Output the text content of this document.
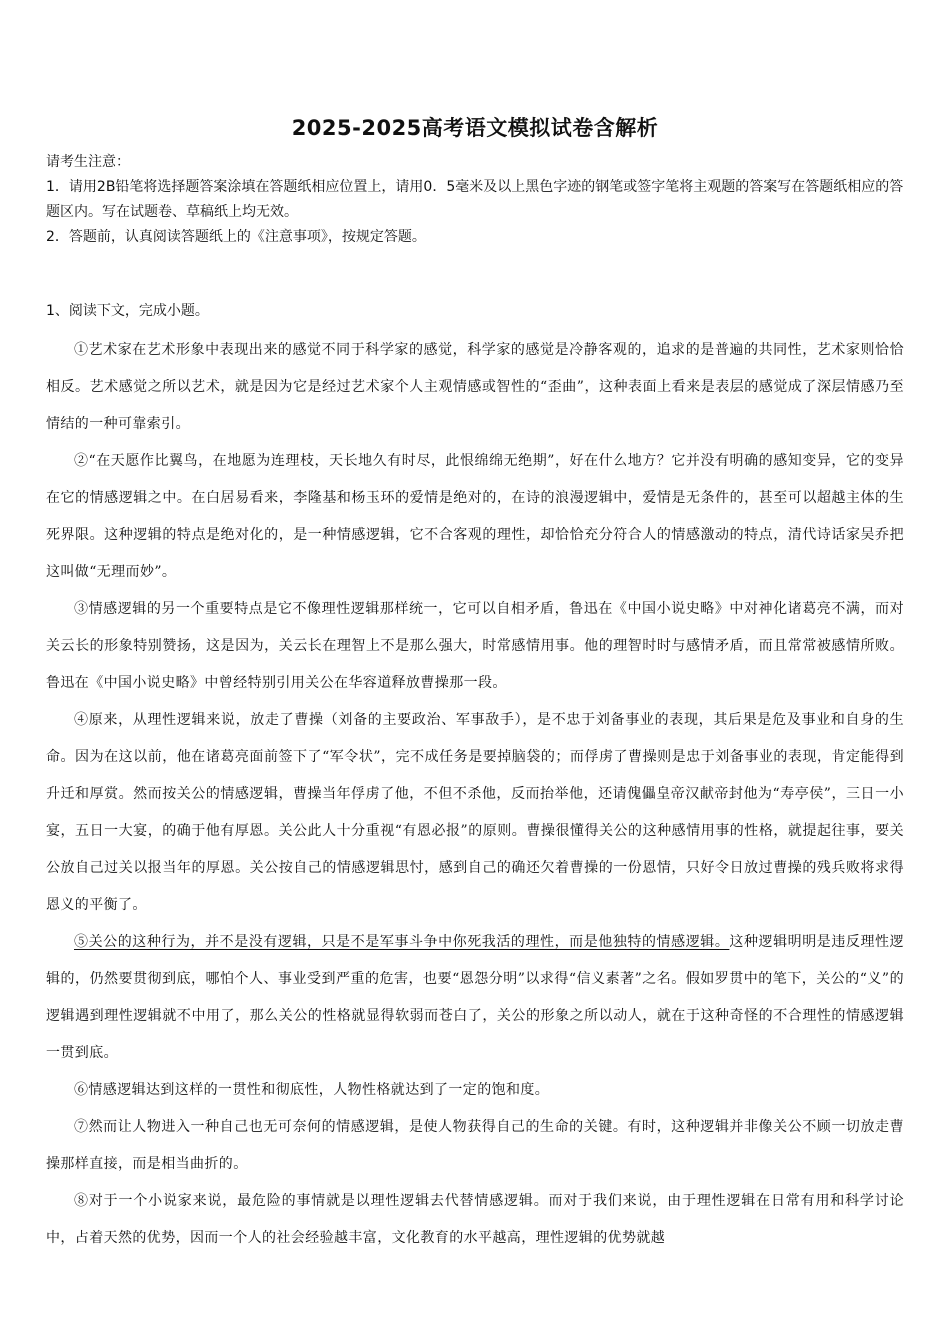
2025-2025高考语文模拟试卷含解析

请考生注意：

1．请用2B铅笔将选择题答案涂填在答题纸相应位置上，请用0．5毫米及以上黑色字迹的钢笔或签字笔将主观题的答案写在答题纸相应的答题区内。写在试题卷、草稿纸上均无效。

2．答题前，认真阅读答题纸上的《注意事项》，按规定答题。

1、阅读下文，完成小题。

①艺术家在艺术形象中表现出来的感觉不同于科学家的感觉，科学家的感觉是冷静客观的，追求的是普遍的共同性，艺术家则恰恰相反。艺术感觉之所以艺术，就是因为它是经过艺术家个人主观情感或智性的“歪曲”，这种表面上看来是表层的感觉成了深层情感乃至情结的一种可靠索引。

②“在天愿作比翼鸟，在地愿为连理枝，天长地久有时尽，此恨绵绵无绝期”，好在什么地方？它并没有明确的感知变异，它的变异在它的情感逻辑之中。在白居易看来，李隆基和杨玉环的爱情是绝对的，在诗的浪漫逻辑中，爱情是无条件的，甚至可以超越主体的生死界限。这种逻辑的特点是绝对化的，是一种情感逻辑，它不合客观的理性，却恰恰充分符合人的情感激动的特点，清代诗话家吴乔把这叫做“无理而妙”。

③情感逻辑的另一个重要特点是它不像理性逻辑那样统一，它可以自相矛盾，鲁迅在《中国小说史略》中对神化诸葛亮不满，而对关云长的形象特别赞扬，这是因为，关云长在理智上不是那么强大，时常感情用事。他的理智时时与感情矛盾，而且常常被感情所败。鲁迅在《中国小说史略》中曾经特别引用关公在华容道释放曹操那一段。

④原来，从理性逻辑来说，放走了曹操（刘备的主要政治、军事敌手），是不忠于刘备事业的表现，其后果是危及事业和自身的生命。因为在这以前，他在诸葛亮面前签下了“军令状”，完不成任务是要掉脑袋的；而俘虏了曹操则是忠于刘备事业的表现，肯定能得到升迁和厚赏。然而按关公的情感逻辑，曹操当年俘虏了他，不但不杀他，反而抬举他，还请傀儡皇帝汉献帝封他为“寿亭侯”，三日一小宴，五日一大宴，的确于他有厚恩。关公此人十分重视“有恩必报”的原则。曹操很懂得关公的这种感情用事的性格，就提起往事，要关公放自己过关以报当年的厚恩。关公按自己的情感逻辑思忖，感到自己的确还欠着曹操的一份恩情，只好令日放过曹操的残兵败将求得恩义的平衡了。

⑤关公的这种行为，并不是没有逻辑，只是不是军事斗争中你死我活的理性，而是他独特的情感逻辑。这种逻辑明明是违反理性逻辑的，仍然要贯彻到底，哪怕个人、事业受到严重的危害，也要“恩怨分明”以求得“信义素著”之名。假如罗贯中的笔下，关公的“义”的逻辑遇到理性逻辑就不中用了，那么关公的性格就显得软弱而苍白了，关公的形象之所以动人，就在于这种奇怪的不合理性的情感逻辑一贯到底。

⑥情感逻辑达到这样的一贯性和彻底性，人物性格就达到了一定的饱和度。

⑦然而让人物进入一种自己也无可奈何的情感逻辑，是使人物获得自己的生命的关键。有时，这种逻辑并非像关公不顾一切放走曹操那样直接，而是相当曲折的。

⑧对于一个小说家来说，最危险的事情就是以理性逻辑去代替情感逻辑。而对于我们来说，由于理性逻辑在日常有用和科学讨论中，占着天然的优势，因而一个人的社会经验越丰富，文化教育的水平越高，理性逻辑的优势就越
